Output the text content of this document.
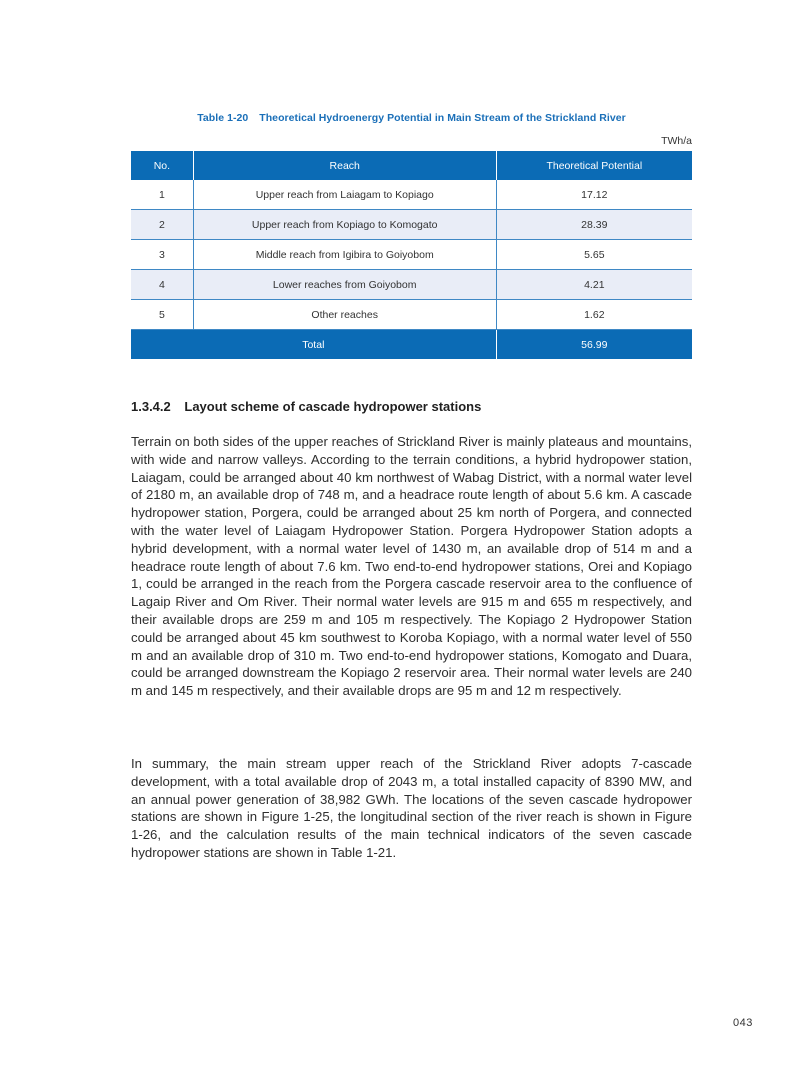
Table 1-20 Theoretical Hydroenergy Potential in Main Stream of the Strickland River
TWh/a
No.	Reach	Theoretical Potential
1	Upper reach from Laiagam to Kopiago	17.12
2	Upper reach from Kopiago to Komogato	28.39
3	Middle reach from Igibira to Goiyobom	5.65
4	Lower reaches from Goiyobom	4.21
5	Other reaches	1.62
Total		56.99
1.3.4.2 Layout scheme of cascade hydropower stations

Terrain on both sides of the upper reaches of Strickland River is mainly plateaus and mountains, with wide and narrow valleys. According to the terrain conditions, a hybrid hydropower station, Laiagam, could be arranged about 40 km northwest of Wabag District, with a normal water level of 2180 m, an available drop of 748 m, and a headrace route length of about 5.6 km. A cascade hydropower station, Porgera, could be arranged about 25 km north of Porgera, and connected with the water level of Laiagam Hydropower Station. Porgera Hydropower Station adopts a hybrid development, with a normal water level of 1430 m, an available drop of 514 m and a headrace route length of about 7.6 km. Two end-to-end hydropower stations, Orei and Kopiago 1, could be arranged in the reach from the Porgera cascade reservoir area to the confluence of Lagaip River and Om River. Their normal water levels are 915 m and 655 m respectively, and their available drops are 259 m and 105 m respectively. The Kopiago 2 Hydropower Station could be arranged about 45 km southwest to Koroba Kopiago, with a normal water level of 550 m and an available drop of 310 m. Two end-to-end hydropower stations, Komogato and Duara, could be arranged downstream the Kopiago 2 reservoir area. Their normal water levels are 240 m and 145 m respectively, and their available drops are 95 m and 12 m respectively.

In summary, the main stream upper reach of the Strickland River adopts 7-cascade development, with a total available drop of 2043 m, a total installed capacity of 8390 MW, and an annual power generation of 38,982 GWh. The locations of the seven cascade hydropower stations are shown in Figure 1-25, the longitudinal section of the river reach is shown in Figure 1-26, and the calculation results of the main technical indicators of the seven cascade hydropower stations are shown in Table 1-21.

043
